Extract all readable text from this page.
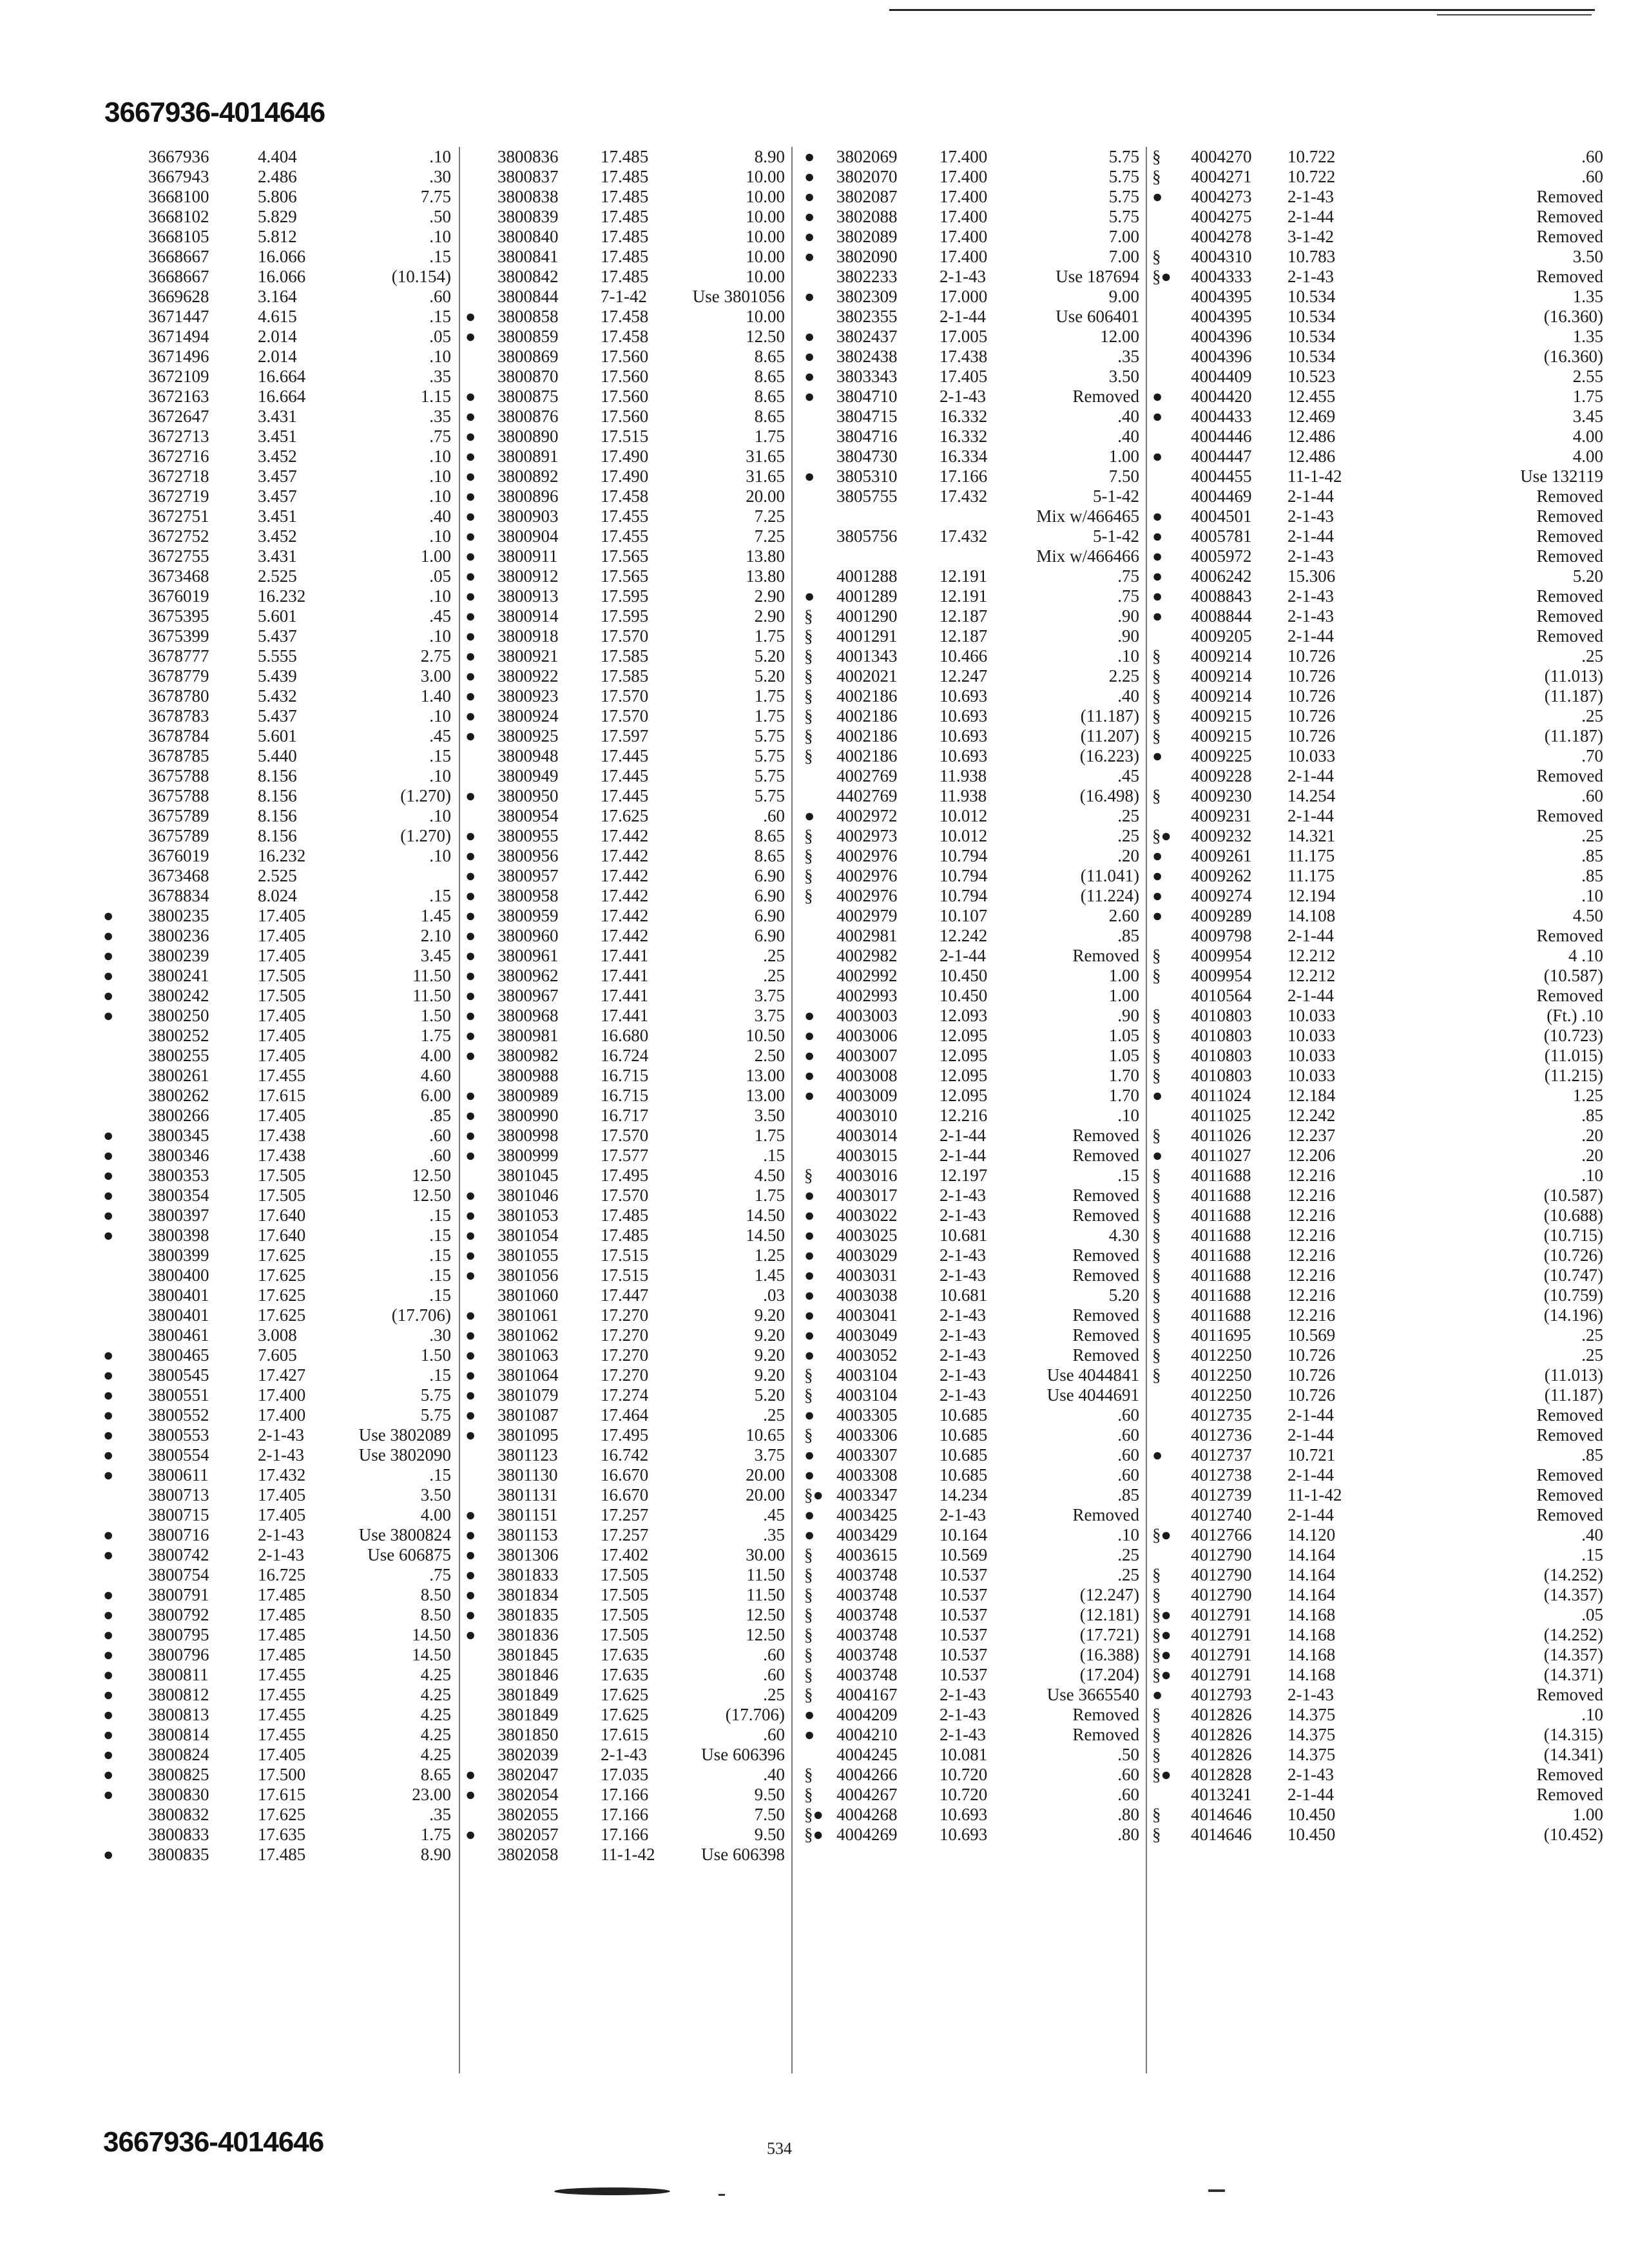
3667936-4014646
3667936	4.404	.10
3667943	2.486	.30
3668100	5.806	7.75
3668102	5.829	.50
3668105	5.812	.10
3668667	16.066	.15
3668667	16.066	(10.154)
3669628	3.164	.60
3671447	4.615	.15
3671494	2.014	.05
3671496	2.014	.10
3672109	16.664	.35
3672163	16.664	1.15
3672647	3.431	.35
3672713	3.451	.75
3672716	3.452	.10
3672718	3.457	.10
3672719	3.457	.10
3672751	3.451	.40
3672752	3.452	.10
3672755	3.431	1.00
3673468	2.525	.05
3676019	16.232	.10
3675395	5.601	.45
3675399	5.437	.10
3678777	5.555	2.75
3678779	5.439	3.00
3678780	5.432	1.40
3678783	5.437	.10
3678784	5.601	.45
3678785	5.440	.15
3675788	8.156	.10
3675788	8.156	(1.270)
3675789	8.156	.10
3675789	8.156	(1.270)
3676019	16.232	.10
3673468	2.525
3678834	8.024	.15
● 3800235	17.405	1.45
● 3800236	17.405	2.10
● 3800239	17.405	3.45
● 3800241	17.505	11.50
● 3800242	17.505	11.50
● 3800250	17.405	1.50
3800252	17.405	1.75
3800255	17.405	4.00
3800261	17.455	4.60
3800262	17.615	6.00
3800266	17.405	.85
● 3800345	17.438	.60
● 3800346	17.438	.60
● 3800353	17.505	12.50
● 3800354	17.505	12.50
● 3800397	17.640	.15
● 3800398	17.640	.15
3800399	17.625	.15
3800400	17.625	.15
3800401	17.625	.15
3800401	17.625	(17.706)
3800461	3.008	.30
● 3800465	7.605	1.50
● 3800545	17.427	.15
● 3800551	17.400	5.75
● 3800552	17.400	5.75
● 3800553	2-1-43	Use 3802089
● 3800554	2-1-43	Use 3802090
● 3800611	17.432	.15
3800713	17.405	3.50
3800715	17.405	4.00
● 3800716	2-1-43	Use 3800824
● 3800742	2-1-43	Use 606875
3800754	16.725	.75
● 3800791	17.485	8.50
● 3800792	17.485	8.50
● 3800795	17.485	14.50
● 3800796	17.485	14.50
● 3800811	17.455	4.25
● 3800812	17.455	4.25
● 3800813	17.455	4.25
● 3800814	17.455	4.25
● 3800824	17.405	4.25
● 3800825	17.500	8.65
● 3800830	17.615	23.00
3800832	17.625	.35
3800833	17.635	1.75
● 3800835	17.485	8.90
3800836 17.485	8.90
3800837 17.485	10.00
3800838 17.485	10.00
3800839 17.485	10.00
3800840 17.485	10.00
3800841 17.485	10.00
3800842 17.485	10.00
3800844 7-1-42	Use 3801056
● 3800858 17.458	10.00
● 3800859 17.458	12.50
3800869 17.560	8.65
3800870 17.560	8.65
● 3800875 17.560	8.65
● 3800876 17.560	8.65
● 3800890 17.515	1.75
● 3800891 17.490	31.65
● 3800892 17.490	31.65
● 3800896 17.458	20.00
● 3800903 17.455	7.25
● 3800904 17.455	7.25
● 3800911 17.565	13.80
● 3800912 17.565	13.80
● 3800913 17.595	2.90
● 3800914 17.595	2.90
● 3800918 17.570	1.75
● 3800921 17.585	5.20
● 3800922 17.585	5.20
● 3800923 17.570	1.75
● 3800924 17.570	1.75
● 3800925 17.597	5.75
3800948 17.445	5.75
3800949 17.445	5.75
● 3800950 17.445	5.75
3800954 17.625	.60
● 3800955 17.442	8.65
● 3800956 17.442	8.65
● 3800957 17.442	6.90
● 3800958 17.442	6.90
● 3800959 17.442	6.90
● 3800960 17.442	6.90
● 3800961 17.441	.25
● 3800962 17.441	.25
● 3800967 17.441	3.75
● 3800968 17.441	3.75
● 3800981 16.680	10.50
● 3800982 16.724	2.50
3800988 16.715	13.00
● 3800989 16.715	13.00
● 3800990 16.717	3.50
● 3800998 17.570	1.75
● 3800999 17.577	.15
3801045 17.495	4.50
● 3801046 17.570	1.75
● 3801053 17.485	14.50
● 3801054 17.485	14.50
● 3801055 17.515	1.25
● 3801056 17.515	1.45
3801060 17.447	.03
● 3801061 17.270	9.20
● 3801062 17.270	9.20
● 3801063 17.270	9.20
● 3801064 17.270	9.20
● 3801079 17.274	5.20
● 3801087 17.464	.25
● 3801095 17.495	10.65
3801123 16.742	3.75
3801130 16.670	20.00
3801131 16.670	20.00
● 3801151 17.257	.45
● 3801153 17.257	.35
● 3801306 17.402	30.00
● 3801833 17.505	11.50
● 3801834 17.505	11.50
● 3801835 17.505	12.50
● 3801836 17.505	12.50
3801845 17.635	.60
3801846 17.635	.60
3801849 17.625	.25
3801849 17.625	(17.706)
3801850 17.615	.60
3802039 2-1-43	Use 606396
● 3802047 17.035	.40
● 3802054 17.166	9.50
3802055 17.166	7.50
● 3802057 17.166	9.50
3802058 11-1-42	Use 606398
● 3802069 17.400	5.75
● 3802070 17.400	5.75
● 3802087 17.400	5.75
● 3802088 17.400	5.75
● 3802089 17.400	7.00
● 3802090 17.400	7.00
3802233 2-1-43	Use 187694
● 3802309 17.000	9.00
3802355 2-1-44	Use 606401
● 3802437 17.005	12.00
● 3802438 17.438	.35
● 3803343 17.405	3.50
● 3804710 2-1-43	Removed
3804715 16.332	.40
3804716 16.332	.40
3804730 16.334	1.00
● 3805310 17.166	7.50
3805755 17.432	5-1-42
Mix w/466465
3805756 17.432	5-1-42
Mix w/466466
4001288 12.191	.75
● 4001289 12.191	.75
§ 4001290 12.187	.90
§ 4001291 12.187	.90
§ 4001343 10.466	.10
§ 4002021 12.247	2.25
§ 4002186 10.693	.40
§ 4002186 10.693	(11.187)
§ 4002186 10.693	(11.207)
§ 4002186 10.693	(16.223)
4002769 11.938	.45
4402769 11.938	(16.498)
● 4002972 10.012	.25
§ 4002973 10.012	.25
§ 4002976 10.794	.20
§ 4002976 10.794	(11.041)
§ 4002976 10.794	(11.224)
4002979 10.107	2.60
4002981 12.242	.85
4002982 2-1-44	Removed
4002992 10.450	1.00
4002993 10.450	1.00
● 4003003 12.093	.90
● 4003006 12.095	1.05
● 4003007 12.095	1.05
● 4003008 12.095	1.70
● 4003009 12.095	1.70
4003010 12.216	.10
4003014 2-1-44	Removed
4003015 2-1-44	Removed
§ 4003016 12.197	.15
● 4003017 2-1-43	Removed
● 4003022 2-1-43	Removed
● 4003025 10.681	4.30
● 4003029 2-1-43	Removed
● 4003031 2-1-43	Removed
● 4003038 10.681	5.20
● 4003041 2-1-43	Removed
● 4003049 2-1-43	Removed
● 4003052 2-1-43	Removed
§ 4003104 2-1-43	Use 4044841
§ 4003104 2-1-43	Use 4044691
● 4003305 10.685	.60
§ 4003306 10.685	.60
● 4003307 10.685	.60
● 4003308 10.685	.60
§● 4003347 14.234	.85
● 4003425 2-1-43	Removed
● 4003429 10.164	.10
§ 4003615 10.569	.25
§ 4003748 10.537	.25
§ 4003748 10.537	(12.247)
§ 4003748 10.537	(12.181)
§ 4003748 10.537	(17.721)
§ 4003748 10.537	(16.388)
§ 4003748 10.537	(17.204)
§ 4004167 2-1-43	Use 3665540
● 4004209 2-1-43	Removed
● 4004210 2-1-43	Removed
4004245 10.081	.50
§ 4004266 10.720	.60
§ 4004267 10.720	.60
§● 4004268 10.693	.80
§● 4004269 10.693	.80
§ 4004270 10.722	.60
§ 4004271 10.722	.60
● 4004273 2-1-43	Removed
4004275 2-1-44	Removed
4004278 3-1-42	Removed
§ 4004310 10.783	3.50
§● 4004333 2-1-43	Removed
4004395 10.534	1.35
4004395 10.534	(16.360)
4004396 10.534	1.35
4004396 10.534	(16.360)
4004409 10.523	2.55
● 4004420 12.455	1.75
● 4004433 12.469	3.45
4004446 12.486	4.00
● 4004447 12.486	4.00
4004455 11-1-42	Use 132119
4004469 2-1-44	Removed
● 4004501 2-1-43	Removed
● 4005781 2-1-44	Removed
● 4005972 2-1-43	Removed
● 4006242 15.306	5.20
● 4008843 2-1-43	Removed
● 4008844 2-1-43	Removed
4009205 2-1-44	Removed
§ 4009214 10.726	.25
§ 4009214 10.726	(11.013)
§ 4009214 10.726	(11.187)
§ 4009215 10.726	.25
§ 4009215 10.726	(11.187)
● 4009225 10.033	.70
4009228 2-1-44	Removed
§ 4009230 14.254	.60
4009231 2-1-44	Removed
§● 4009232 14.321	.25
● 4009261 11.175	.85
● 4009262 11.175	.85
● 4009274 12.194	.10
● 4009289 14.108	4.50
4009798 2-1-44	Removed
§ 4009954 12.212	4 .10
§ 4009954 12.212	(10.587)
4010564 2-1-44	Removed
§ 4010803 10.033	(Ft.) .10
§ 4010803 10.033	(10.723)
§ 4010803 10.033	(11.015)
§ 4010803 10.033	(11.215)
● 4011024 12.184	1.25
4011025 12.242	.85
§ 4011026 12.237	.20
● 4011027 12.206	.20
§ 4011688 12.216	.10
§ 4011688 12.216	(10.587)
§ 4011688 12.216	(10.688)
§ 4011688 12.216	(10.715)
§ 4011688 12.216	(10.726)
§ 4011688 12.216	(10.747)
§ 4011688 12.216	(10.759)
§ 4011688 12.216	(14.196)
§ 4011695 10.569	.25
§ 4012250 10.726	.25
§ 4012250 10.726	(11.013)
4012250 10.726	(11.187)
4012735 2-1-44	Removed
4012736 2-1-44	Removed
● 4012737 10.721	.85
4012738 2-1-44	Removed
4012739 11-1-42	Removed
4012740 2-1-44	Removed
§● 4012766 14.120	.40
4012790 14.164	.15
§ 4012790 14.164	(14.252)
§ 4012790 14.164	(14.357)
§● 4012791 14.168	.05
§● 4012791 14.168	(14.252)
§● 4012791 14.168	(14.357)
§● 4012791 14.168	(14.371)
● 4012793 2-1-43	Removed
§ 4012826 14.375	.10
§ 4012826 14.375	(14.315)
§ 4012826 14.375	(14.341)
§● 4012828 2-1-43	Removed
4013241 2-1-44	Removed
§ 4014646 10.450	1.00
§ 4014646 10.450	(10.452)
3667936-4014646	534
